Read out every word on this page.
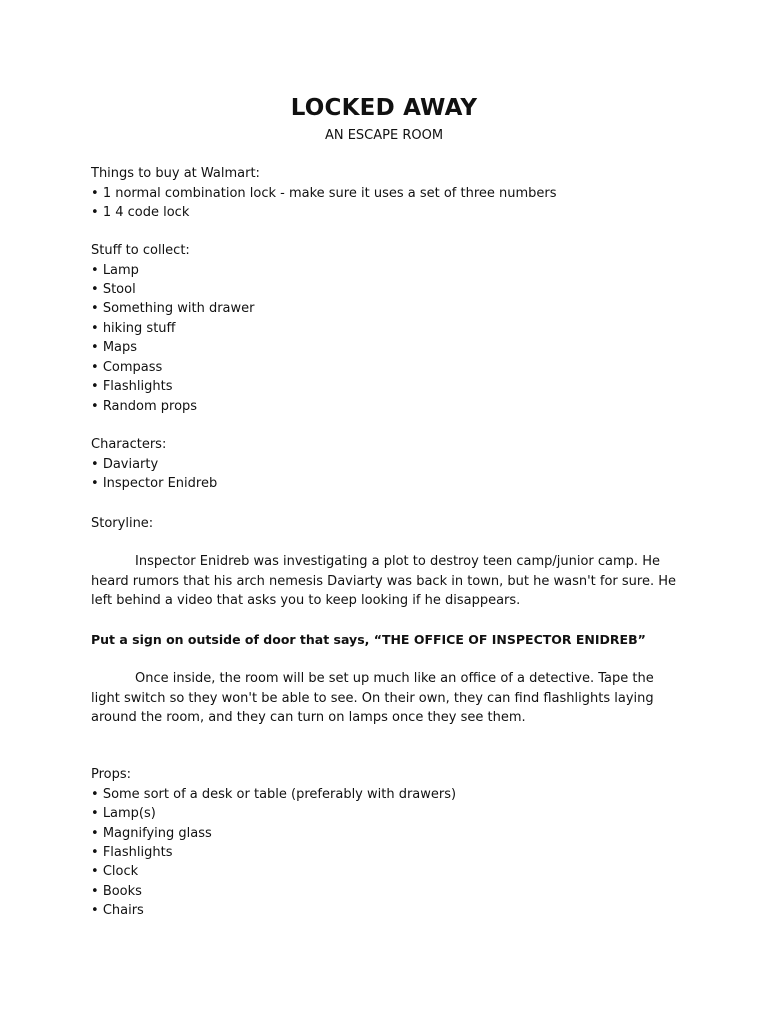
LOCKED AWAY
AN ESCAPE ROOM
Things to buy at Walmart:
• 1 normal combination lock - make sure it uses a set of three numbers
• 1 4 code lock
Stuff to collect:
• Lamp
• Stool
• Something with drawer
• hiking stuff
• Maps
• Compass
• Flashlights
• Random props
Characters:
• Daviarty
• Inspector Enidreb
Storyline:
Inspector Enidreb was investigating a plot to destroy teen camp/junior camp. He heard rumors that his arch nemesis Daviarty was back in town, but he wasn't for sure. He left behind a video that asks you to keep looking if he disappears.
Put a sign on outside of door that says, “THE OFFICE OF INSPECTOR ENIDREB”
Once inside, the room will be set up much like an office of a detective. Tape the light switch so they won't be able to see. On their own, they can find flashlights laying around the room, and they can turn on lamps once they see them.
Props:
• Some sort of a desk or table (preferably with drawers)
• Lamp(s)
• Magnifying glass
• Flashlights
• Clock
• Books
• Chairs
